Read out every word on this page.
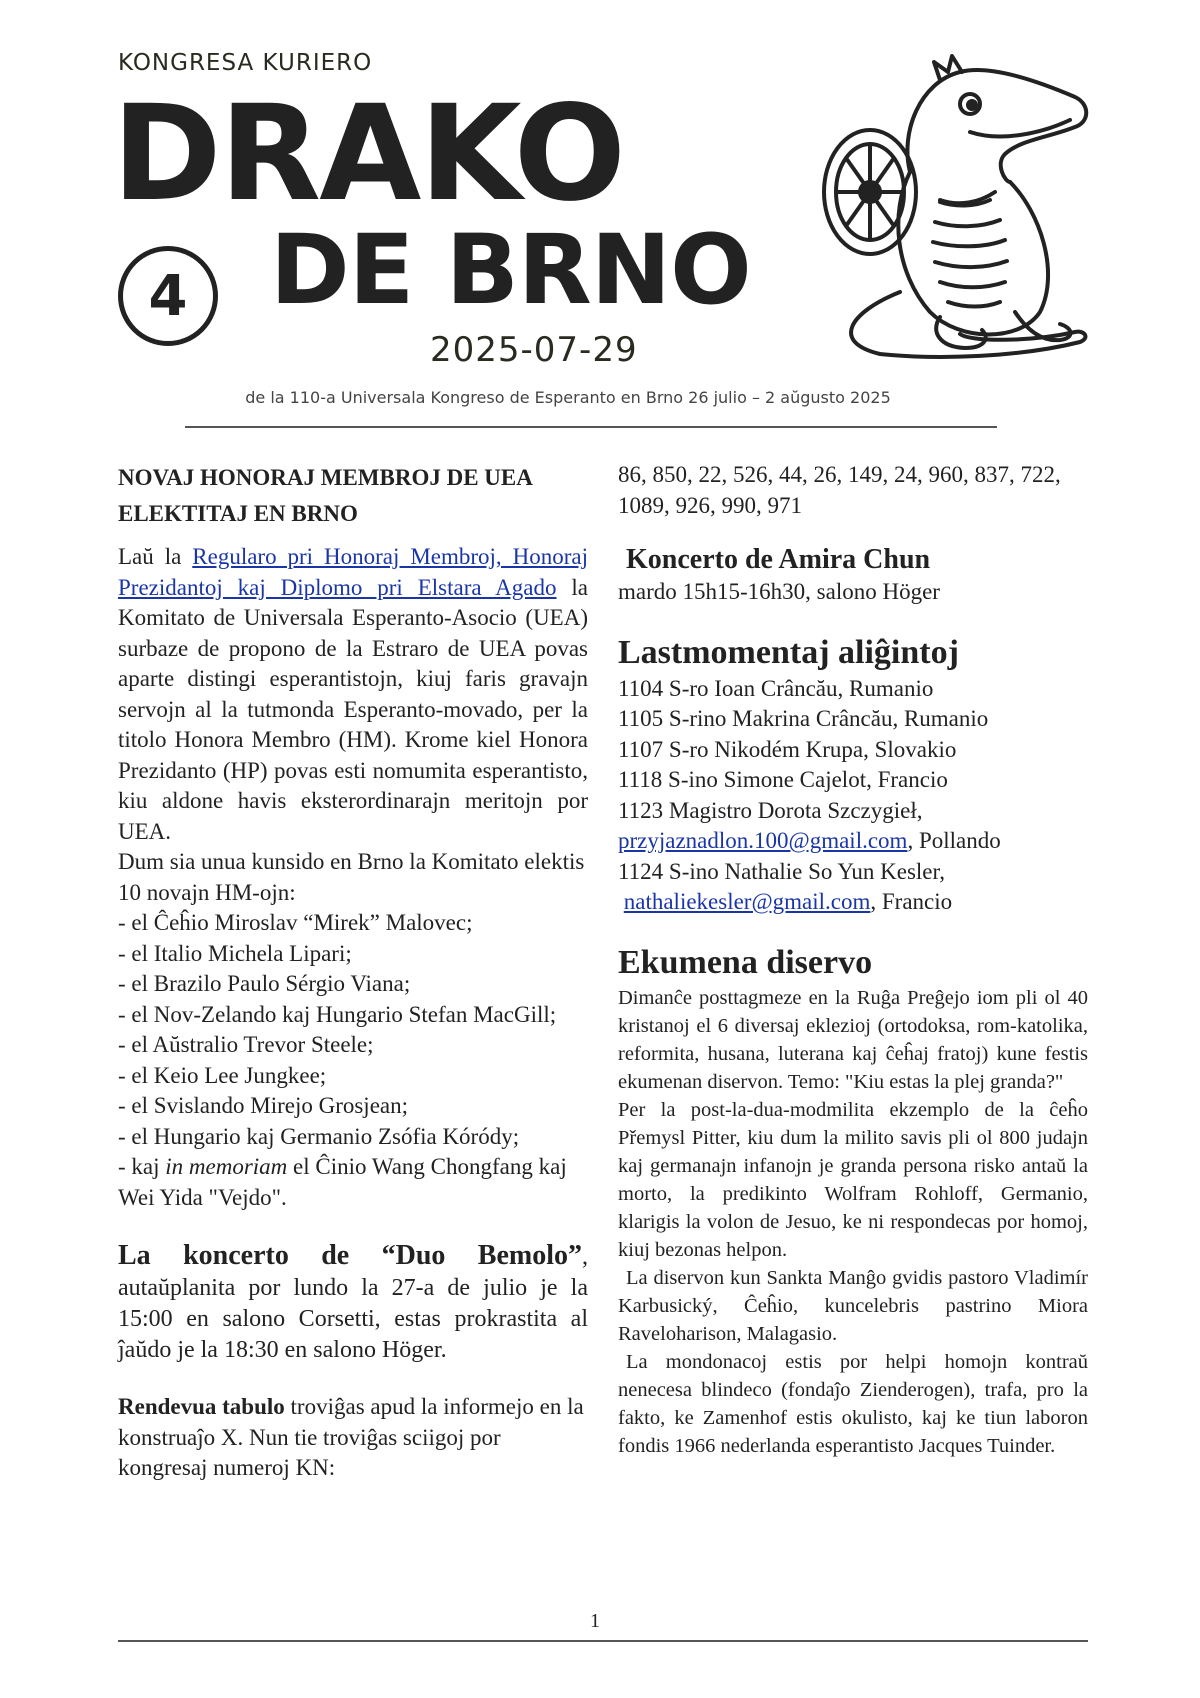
KONGRESA KURIERO
DRAKO
4 DE BRNO
2025-07-29
de la 110-a Universala Kongreso de Esperanto en Brno 26 julio – 2 aŭgusto 2025
NOVAJ HONORAJ MEMBROJ DE UEA ELEKTITAJ EN BRNO

Laŭ la Regularo pri Honoraj Membroj, Honoraj Prezidantoj kaj Diplomo pri Elstara Agado la Komitato de Universala Esperanto-Asocio (UEA) surbaze de propono de la Estraro de UEA povas aparte distingi esperantistojn, kiuj faris gravajn servojn al la tutmonda Esperanto-movado, per la titolo Honora Membro (HM). Krome kiel Honora Prezidanto (HP) povas esti nomumita esperantisto, kiu aldone havis eksterordinarajn meritojn por UEA.

Dum sia unua kunsido en Brno la Komitato elektis 10 novajn HM-ojn:

- el Ĉeĥio Miroslav “Mirek” Malovec;
- el Italio Michela Lipari;
- el Brazilo Paulo Sérgio Viana;
- el Nov-Zelando kaj Hungario Stefan MacGill;
- el Aŭstralio Trevor Steele;
- el Keio Lee Jungkee;
- el Svislando Mirejo Grosjean;
- el Hungario kaj Germanio Zsófia Kóródy;
- kaj in memoriam el Ĉinio Wang Chongfang kaj Wei Yida "Vejdo".

La koncerto de “Duo Bemolo”, autaŭplanita por lundo la 27-a de julio je la 15:00 en salono Corsetti, estas prokrastita al ĵaŭdo je la 18:30 en salono Höger.

Rendevua tabulo troviĝas apud la informejo en la konstruaĵo X. Nun tie troviĝas sciigoj por kongresaj numeroj KN:

86, 850, 22, 526, 44, 26, 149, 24, 960, 837, 722, 1089, 926, 990, 971

Koncerto de Amira Chun

mardo 15h15-16h30, salono Höger

Lastmomentaj aliĝintoj
1104 S-ro Ioan Crâncău, Rumanio
1105 S-rino Makrina Crâncău, Rumanio
1107 S-ro Nikodém Krupa, Slovakio
1118 S-ino Simone Cajelot, Francio
1123 Magistro Dorota Szczygieł,
przyjaznadlon.100@gmail.com, Pollando
1124 S-ino Nathalie So Yun Kesler,
nathaliekesler@gmail.com, Francio
Ekumena diservo

Dimanĉe posttagmeze en la Ruĝa Preĝejo iom pli ol 40 kristanoj el 6 diversaj eklezioj (ortodoksa, rom-katolika, reformita, husana, luterana kaj ĉeĥaj fratoj) kune festis ekumenan diservon. Temo: "Kiu estas la plej granda?"

Per la post-la-dua-modmilita ekzemplo de la ĉeĥo Přemysl Pitter, kiu dum la milito savis pli ol 800 judajn kaj germanajn infanojn je granda persona risko antaŭ la morto, la predikinto Wolfram Rohloff, Germanio, klarigis la volon de Jesuo, ke ni respondecas por homoj, kiuj bezonas helpon.

La diservon kun Sankta Manĝo gvidis pastoro Vladimír Karbusický, Ĉeĥio, kuncelebris pastrino Miora Raveloharison, Malagasio.

La mondonacoj estis por helpi homojn kontraŭ nenecesa blindeco (fondaĵo Zienderogen), trafa, pro la fakto, ke Zamenhof estis okulisto, kaj ke tiun laboron fondis 1966 nederlanda esperantisto Jacques Tuinder.

1
